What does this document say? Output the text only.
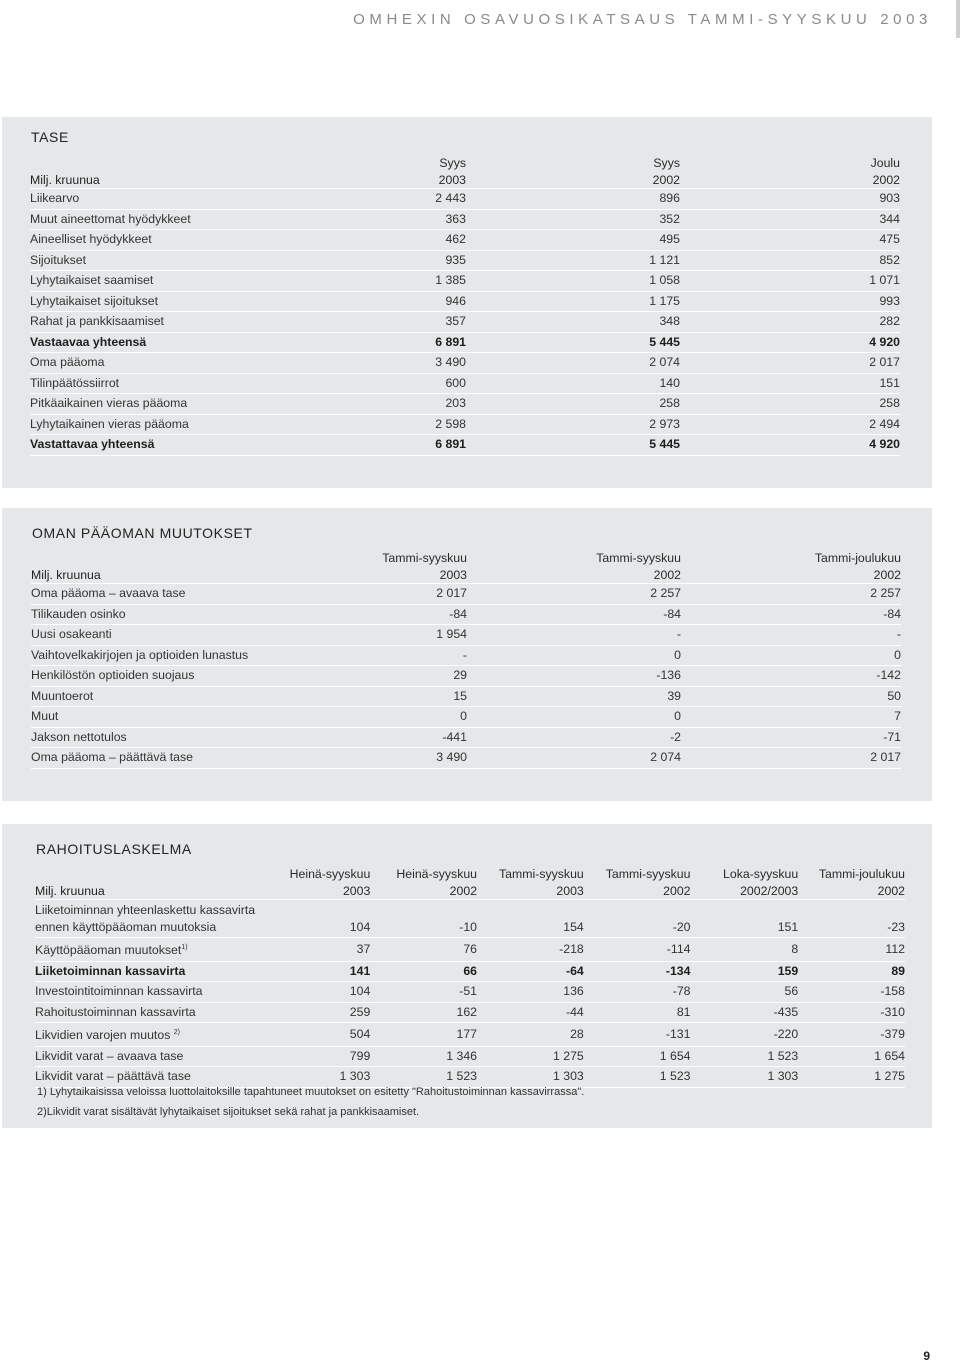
OMHEXIN OSAVUOSIKATSAUS TAMMI-SYYSKUU 2003
TASE
	Syys	Syys	Joulu
Milj. kruunua	2003	2002	2002
Liikearvo	2 443	896	903
Muut aineettomat hyödykkeet	363	352	344
Aineelliset hyödykkeet	462	495	475
Sijoitukset	935	1 121	852
Lyhytaikaiset saamiset	1 385	1 058	1 071
Lyhytaikaiset sijoitukset	946	1 175	993
Rahat ja pankkisaamiset	357	348	282
Vastaavaa yhteensä	6 891	5 445	4 920
Oma pääoma	3 490	2 074	2 017
Tilinpäätössiirrot	600	140	151
Pitkäaikainen vieras pääoma	203	258	258
Lyhytaikainen vieras pääoma	2 598	2 973	2 494
Vastattavaa yhteensä	6 891	5 445	4 920
OMAN PÄÄOMAN MUUTOKSET
	Tammi-syyskuu	Tammi-syyskuu	Tammi-joulukuu
Milj. kruunua	2003	2002	2002
Oma pääoma – avaava tase	2 017	2 257	2 257
Tilikauden osinko	-84	-84	-84
Uusi osakeanti	1 954	-	-
Vaihtovelkakirjojen ja optioiden lunastus	-	0	0
Henkilöstön optioiden suojaus	29	-136	-142
Muuntoerot	15	39	50
Muut	0	0	7
Jakson nettotulos	-441	-2	-71
Oma pääoma – päättävä tase	3 490	2 074	2 017
RAHOITUSLASKELMA
	Heinä-syyskuu	Heinä-syyskuu	Tammi-syyskuu	Tammi-syyskuu	Loka-syyskuu	Tammi-joulukuu
Milj. kruunua	2003	2002	2003	2002	2002/2003	2002

Liiketoiminnan yhteenlaskettu kassavirta
ennen käyttöpääoman muutoksia	104	-10	154	-20	151	-23
Käyttöpääoman muutokset$^{1)}$	37	76	-218	-114	8	112
Liiketoiminnan kassavirta	141	66	-64	-134	159	89
Investointitoiminnan kassavirta	104	-51	136	-78	56	-158
Rahoitustoiminnan kassavirta	259	162	-44	81	-435	-310
Likvidien varojen muutos $^{2)}$	504	177	28	-131	-220	-379
Likvidit varat – avaava tase	799	1 346	1 275	1 654	1 523	1 654
Likvidit varat – päättävä tase	1 303	1 523	1 303	1 523	1 303	1 275
1) Lyhytaikaisissa veloissa luottolaitoksille tapahtuneet muutokset on esitetty "Rahoitustoiminnan kassavirrassa".
2)Likvidit varat sisältävät lyhytaikaiset sijoitukset sekä rahat ja pankkisaamiset.
9
